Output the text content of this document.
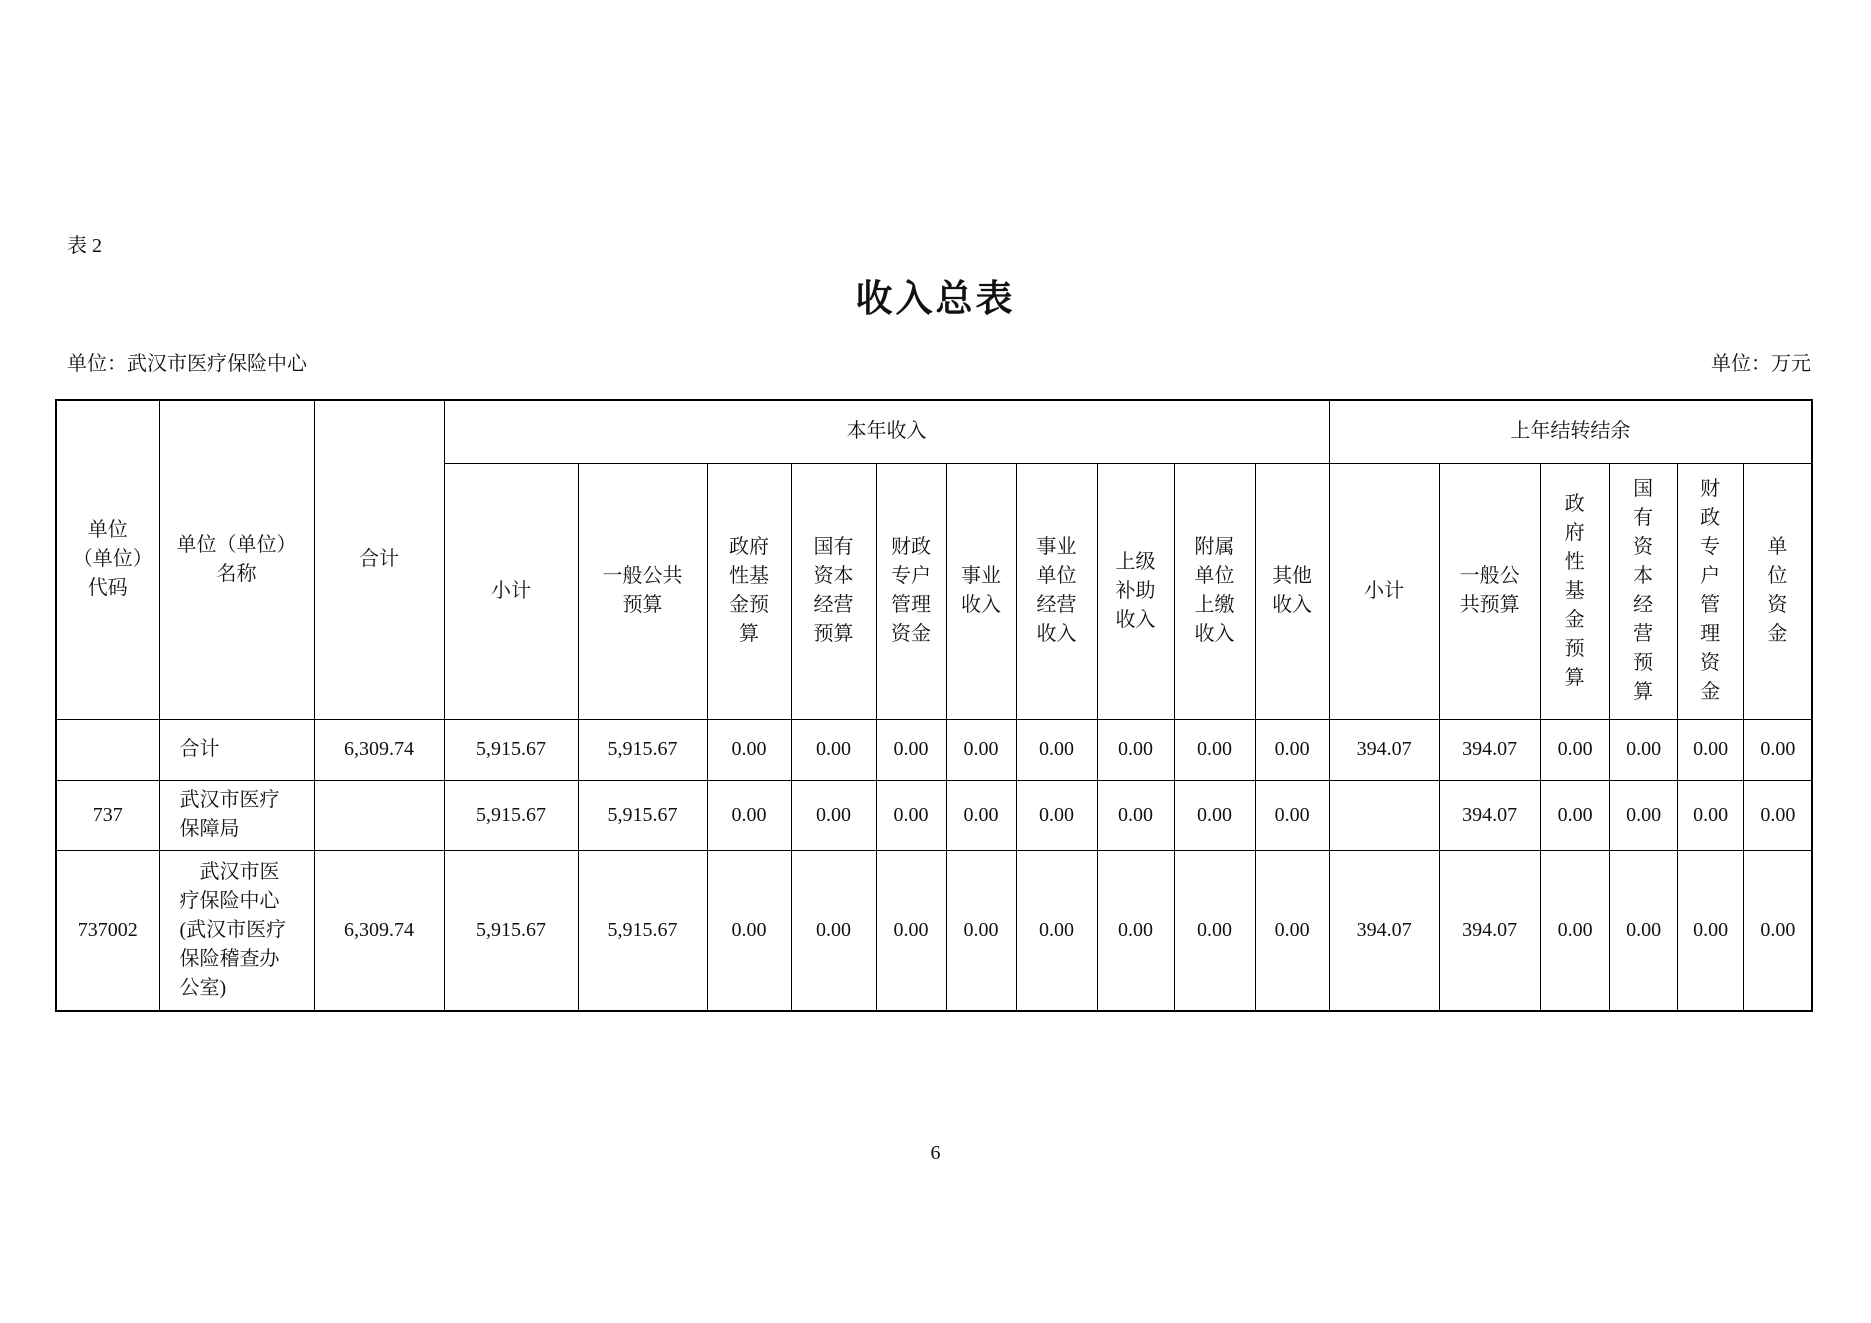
表 2
收入总表
单位：武汉市医疗保险中心	单位：万元
单位（单位）代码	单位（单位）名称	合计	本年收入										上年结转结余					
			小计	一般公共预算	政府性基金预算	国有资本经营预算	财政专户管理资金	事业收入	事业单位经营收入	上级补助收入	附属单位上缴收入	其他收入	小计	一般公共预算	政府性基金预算	国有资本经营预算	财政专户管理资金	单位资金
	合计	6,309.74	5,915.67	5,915.67	0.00	0.00	0.00	0.00	0.00	0.00	0.00	0.00	394.07	394.07	0.00	0.00	0.00	0.00
737	武汉市医疗保障局		5,915.67	5,915.67	0.00	0.00	0.00	0.00	0.00	0.00	0.00	0.00		394.07	0.00	0.00	0.00	0.00
737002	武汉市医疗保险中心(武汉市医疗保险稽查办公室)	6,309.74	5,915.67	5,915.67	0.00	0.00	0.00	0.00	0.00	0.00	0.00	0.00	394.07	394.07	0.00	0.00	0.00	0.00
6
